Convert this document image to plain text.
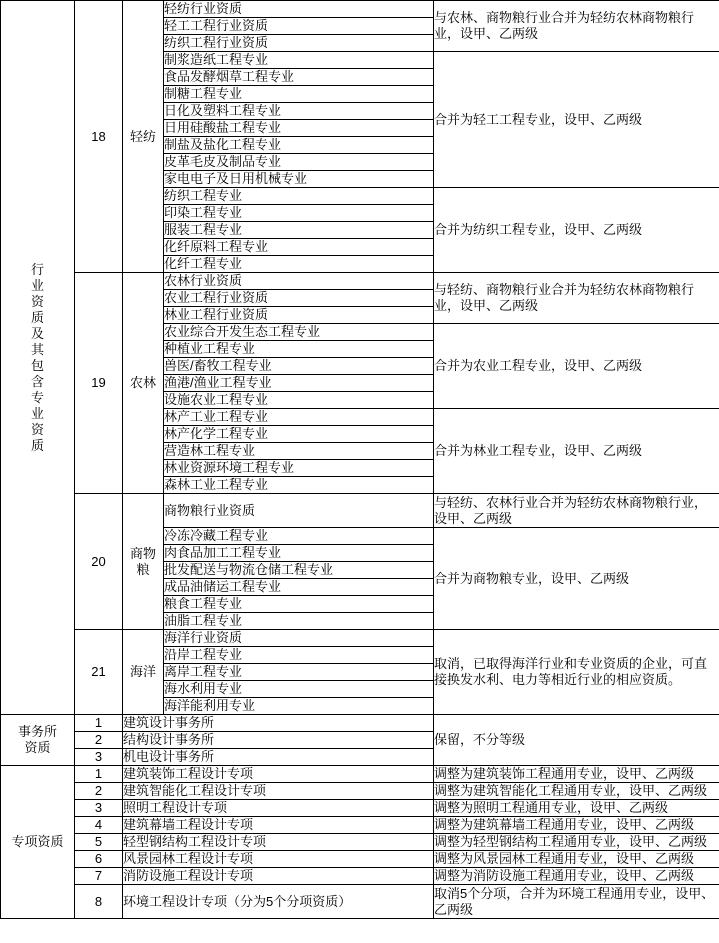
行业资质及其包含专业资质	18	轻纺	轻纺行业资质	与农林、商物粮行业合并为轻纺农林商物粮行业，设甲、乙两级
			轻工工程行业资质	
			纺织工程行业资质	
			制浆造纸工程专业	合并为轻工工程专业，设甲、乙两级
			食品发酵烟草工程专业	
			制糖工程专业	
			日化及塑料工程专业	
			日用硅酸盐工程专业	
			制盐及盐化工程专业	
			皮革毛皮及制品专业	
			家电电子及日用机械专业	
			纺织工程专业	合并为纺织工程专业，设甲、乙两级
			印染工程专业	
			服装工程专业	
			化纤原料工程专业	
			化纤工程专业	
	19	农林	农林行业资质	与轻纺、商物粮行业合并为轻纺农林商物粮行业，设甲、乙两级
			农业工程行业资质	
			林业工程行业资质	
			农业综合开发生态工程专业	合并为农业工程专业，设甲、乙两级
			种植业工程专业	
			兽医/畜牧工程专业	
			渔港/渔业工程专业	
			设施农业工程专业	
			林产工业工程专业	合并为林业工程专业，设甲、乙两级
			林产化学工程专业	
			营造林工程专业	
			林业资源环境工程专业	
			森林工业工程专业	
	20	商物粮	商物粮行业资质	与轻纺、农林行业合并为轻纺农林商物粮行业，设甲、乙两级
			冷冻冷藏工程专业	合并为商物粮专业，设甲、乙两级
			肉食品加工工程专业	
			批发配送与物流仓储工程专业	
			成品油储运工程专业	
			粮食工程专业	
			油脂工程专业	
	21	海洋	海洋行业资质	取消，已取得海洋行业和专业资质的企业，可直接换发水利、电力等相近行业的相应资质。
			沿岸工程专业	
			离岸工程专业	
			海水利用专业	
			海洋能利用专业	
事务所资质	1	建筑设计事务所		保留，不分等级
	2	结构设计事务所		
	3	机电设计事务所		
专项资质	1	建筑装饰工程设计专项		调整为建筑装饰工程通用专业，设甲、乙两级
	2	建筑智能化工程设计专项		调整为建筑智能化工程通用专业，设甲、乙两级
	3	照明工程设计专项		调整为照明工程通用专业，设甲、乙两级
	4	建筑幕墙工程设计专项		调整为建筑幕墙工程通用专业，设甲、乙两级
	5	轻型钢结构工程设计专项		调整为轻型钢结构工程通用专业，设甲、乙两级
	6	风景园林工程设计专项		调整为风景园林工程通用专业，设甲、乙两级
	7	消防设施工程设计专项		调整为消防设施工程通用专业，设甲、乙两级
	8	环境工程设计专项（分为5个分项资质）		取消5个分项，合并为环境工程通用专业，设甲、乙两级
